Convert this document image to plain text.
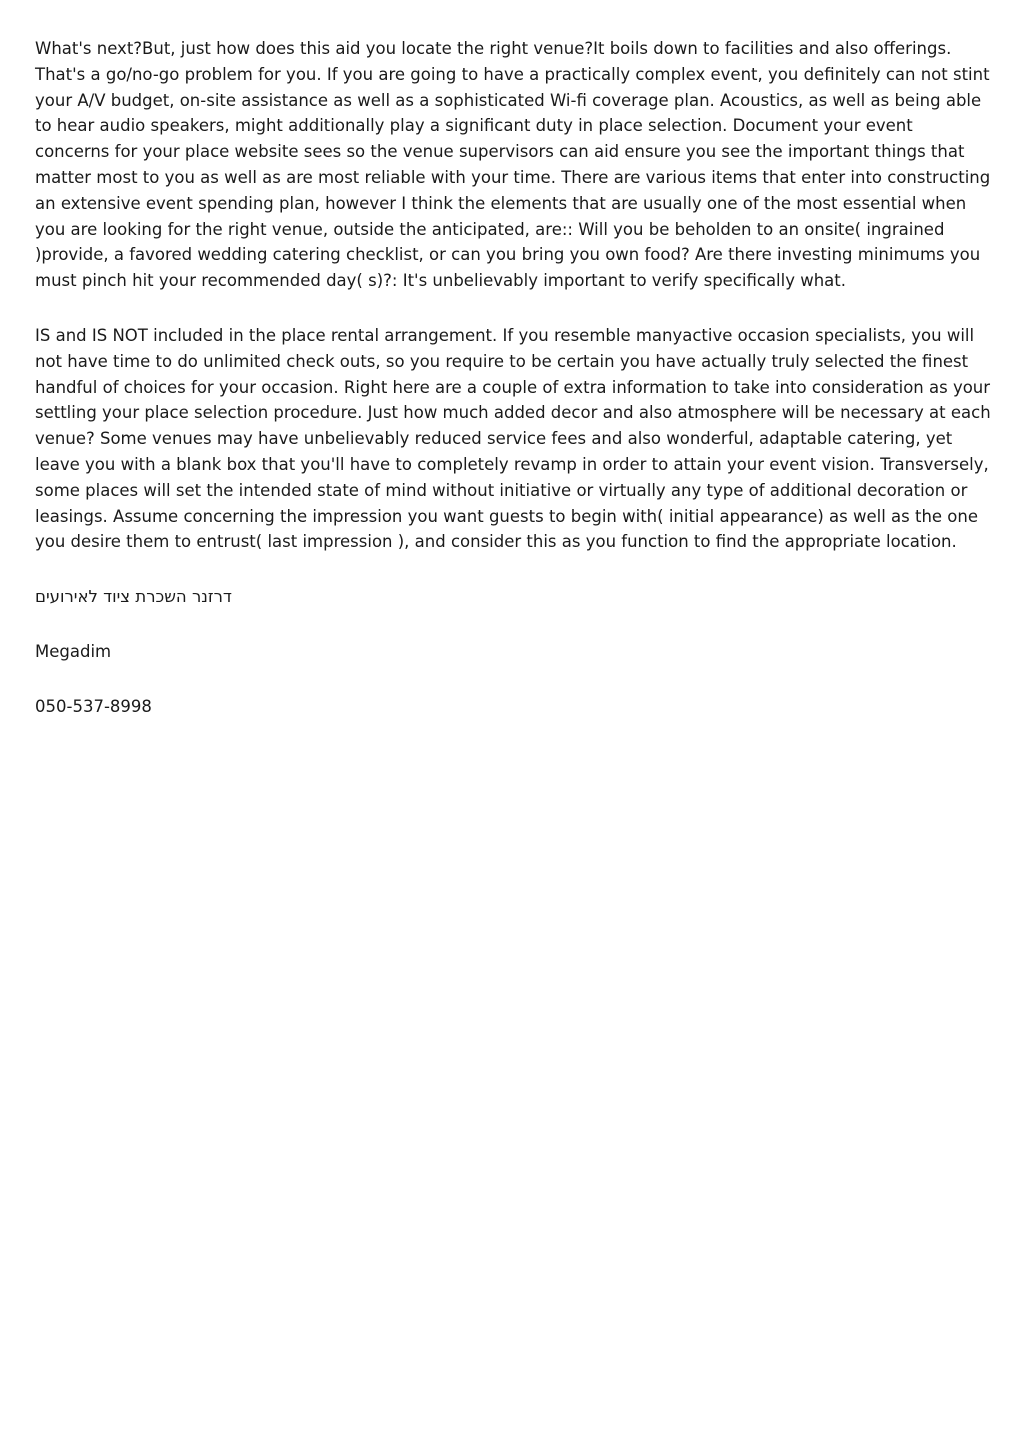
What's next?But, just how does this aid you locate the right venue?It boils down to facilities and also offerings. That's a go/no-go problem for you. If you are going to have a practically complex event, you definitely can not stint your A/V budget, on-site assistance as well as a sophisticated Wi-fi coverage plan. Acoustics, as well as being able to hear audio speakers, might additionally play a significant duty in place selection. Document your event concerns for your place website sees so the venue supervisors can aid ensure you see the important things that matter most to you as well as are most reliable with your time. There are various items that enter into constructing an extensive event spending plan, however I think the elements that are usually one of the most essential when you are looking for the right venue, outside the anticipated, are:: Will you be beholden to an onsite( ingrained )provide, a favored wedding catering checklist, or can you bring you own food? Are there investing minimums you must pinch hit your recommended day( s)?: It's unbelievably important to verify specifically what.

IS and IS NOT included in the place rental arrangement. If you resemble manyactive occasion specialists, you will not have time to do unlimited check outs, so you require to be certain you have actually truly selected the finest handful of choices for your occasion. Right here are a couple of extra information to take into consideration as your settling your place selection procedure. Just how much added decor and also atmosphere will be necessary at each venue? Some venues may have unbelievably reduced service fees and also wonderful, adaptable catering, yet leave you with a blank box that you'll have to completely revamp in order to attain your event vision. Transversely, some places will set the intended state of mind without initiative or virtually any type of additional decoration or leasings. Assume concerning the impression you want guests to begin with( initial appearance) as well as the one you desire them to entrust( last impression ), and consider this as you function to find the appropriate location.

דרזנר השכרת ציוד לאירועים

Megadim

050-537-8998
